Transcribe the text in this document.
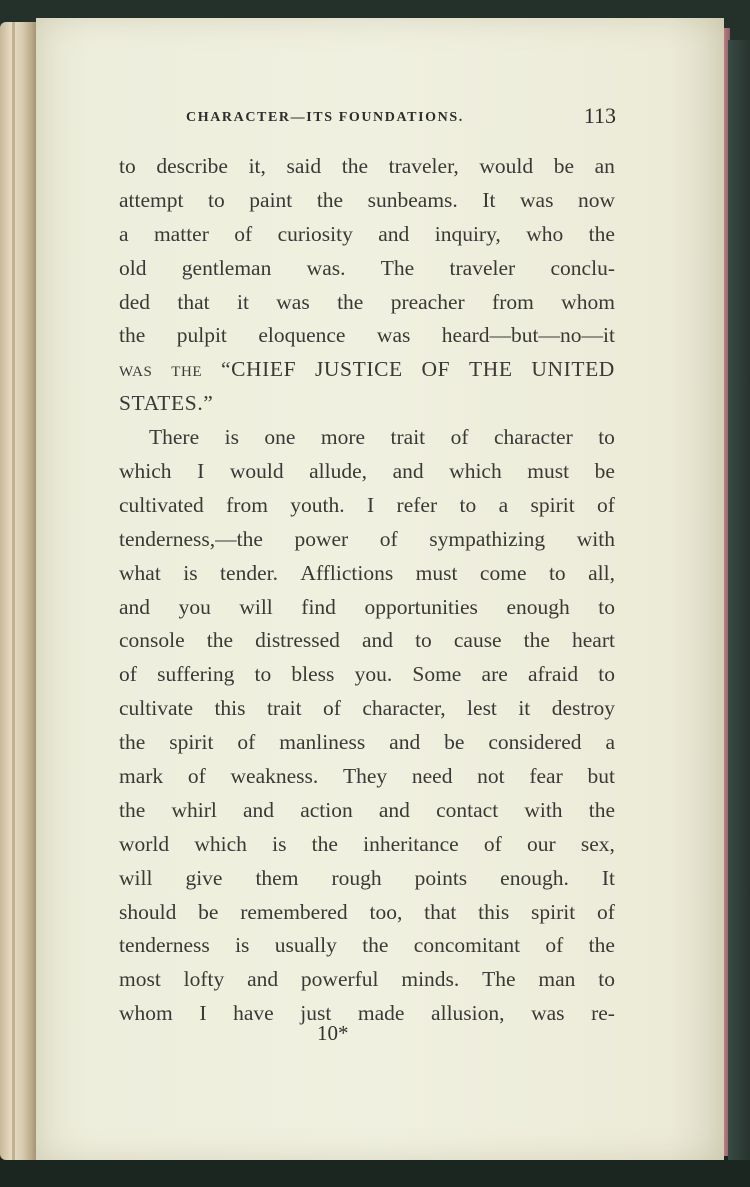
CHARACTER—ITS FOUNDATIONS.	113
to describe it, said the traveler, would be an
attempt to paint the sunbeams. It was now
a matter of curiosity and inquiry, who the
old gentleman was. The traveler conclu-
ded that it was the preacher from whom
the pulpit eloquence was heard—but—no—it
was the “CHIEF JUSTICE OF THE UNITED
STATES.”
There is one more trait of character to
which I would allude, and which must be
cultivated from youth. I refer to a spirit of
tenderness,—the power of sympathizing with
what is tender. Afflictions must come to all,
and you will find opportunities enough to
console the distressed and to cause the heart
of suffering to bless you. Some are afraid to
cultivate this trait of character, lest it destroy
the spirit of manliness and be considered a
mark of weakness. They need not fear but
the whirl and action and contact with the
world which is the inheritance of our sex,
will give them rough points enough. It
should be remembered too, that this spirit of
tenderness is usually the concomitant of the
most lofty and powerful minds. The man to
whom I have just made allusion, was re-
10*
